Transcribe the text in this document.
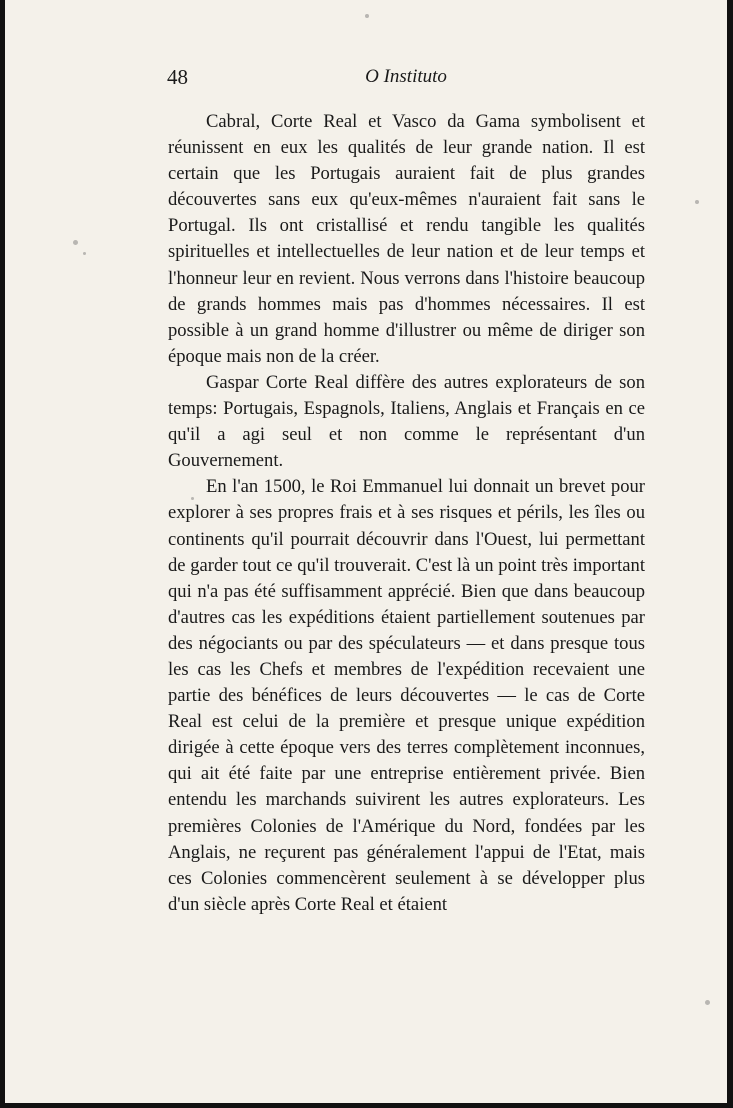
48	O Instituto

Cabral, Corte Real et Vasco da Gama symbolisent et réunissent en eux les qualités de leur grande nation. Il est certain que les Portugais auraient fait de plus grandes découvertes sans eux qu'eux-mêmes n'auraient fait sans le Portugal. Ils ont cristallisé et rendu tangible les qualités spirituelles et intellectuelles de leur nation et de leur temps et l'honneur leur en revient. Nous verrons dans l'histoire beaucoup de grands hommes mais pas d'hommes nécessaires. Il est possible à un grand homme d'illustrer ou même de diriger son époque mais non de la créer.

Gaspar Corte Real diffère des autres explorateurs de son temps: Portugais, Espagnols, Italiens, Anglais et Français en ce qu'il a agi seul et non comme le représentant d'un Gouvernement.

En l'an 1500, le Roi Emmanuel lui donnait un brevet pour explorer à ses propres frais et à ses risques et périls, les îles ou continents qu'il pourrait découvrir dans l'Ouest, lui permettant de garder tout ce qu'il trouverait. C'est là un point très important qui n'a pas été suffisamment apprécié. Bien que dans beaucoup d'autres cas les expéditions étaient partiellement soutenues par des négociants ou par des spéculateurs — et dans presque tous les cas les Chefs et membres de l'expédition recevaient une partie des bénéfices de leurs découvertes — le cas de Corte Real est celui de la première et presque unique expédition dirigée à cette époque vers des terres complètement inconnues, qui ait été faite par une entreprise entièrement privée. Bien entendu les marchands suivirent les autres explorateurs. Les premières Colonies de l'Amérique du Nord, fondées par les Anglais, ne reçurent pas généralement l'appui de l'Etat, mais ces Colonies commencèrent seulement à se développer plus d'un siècle après Corte Real et étaient
